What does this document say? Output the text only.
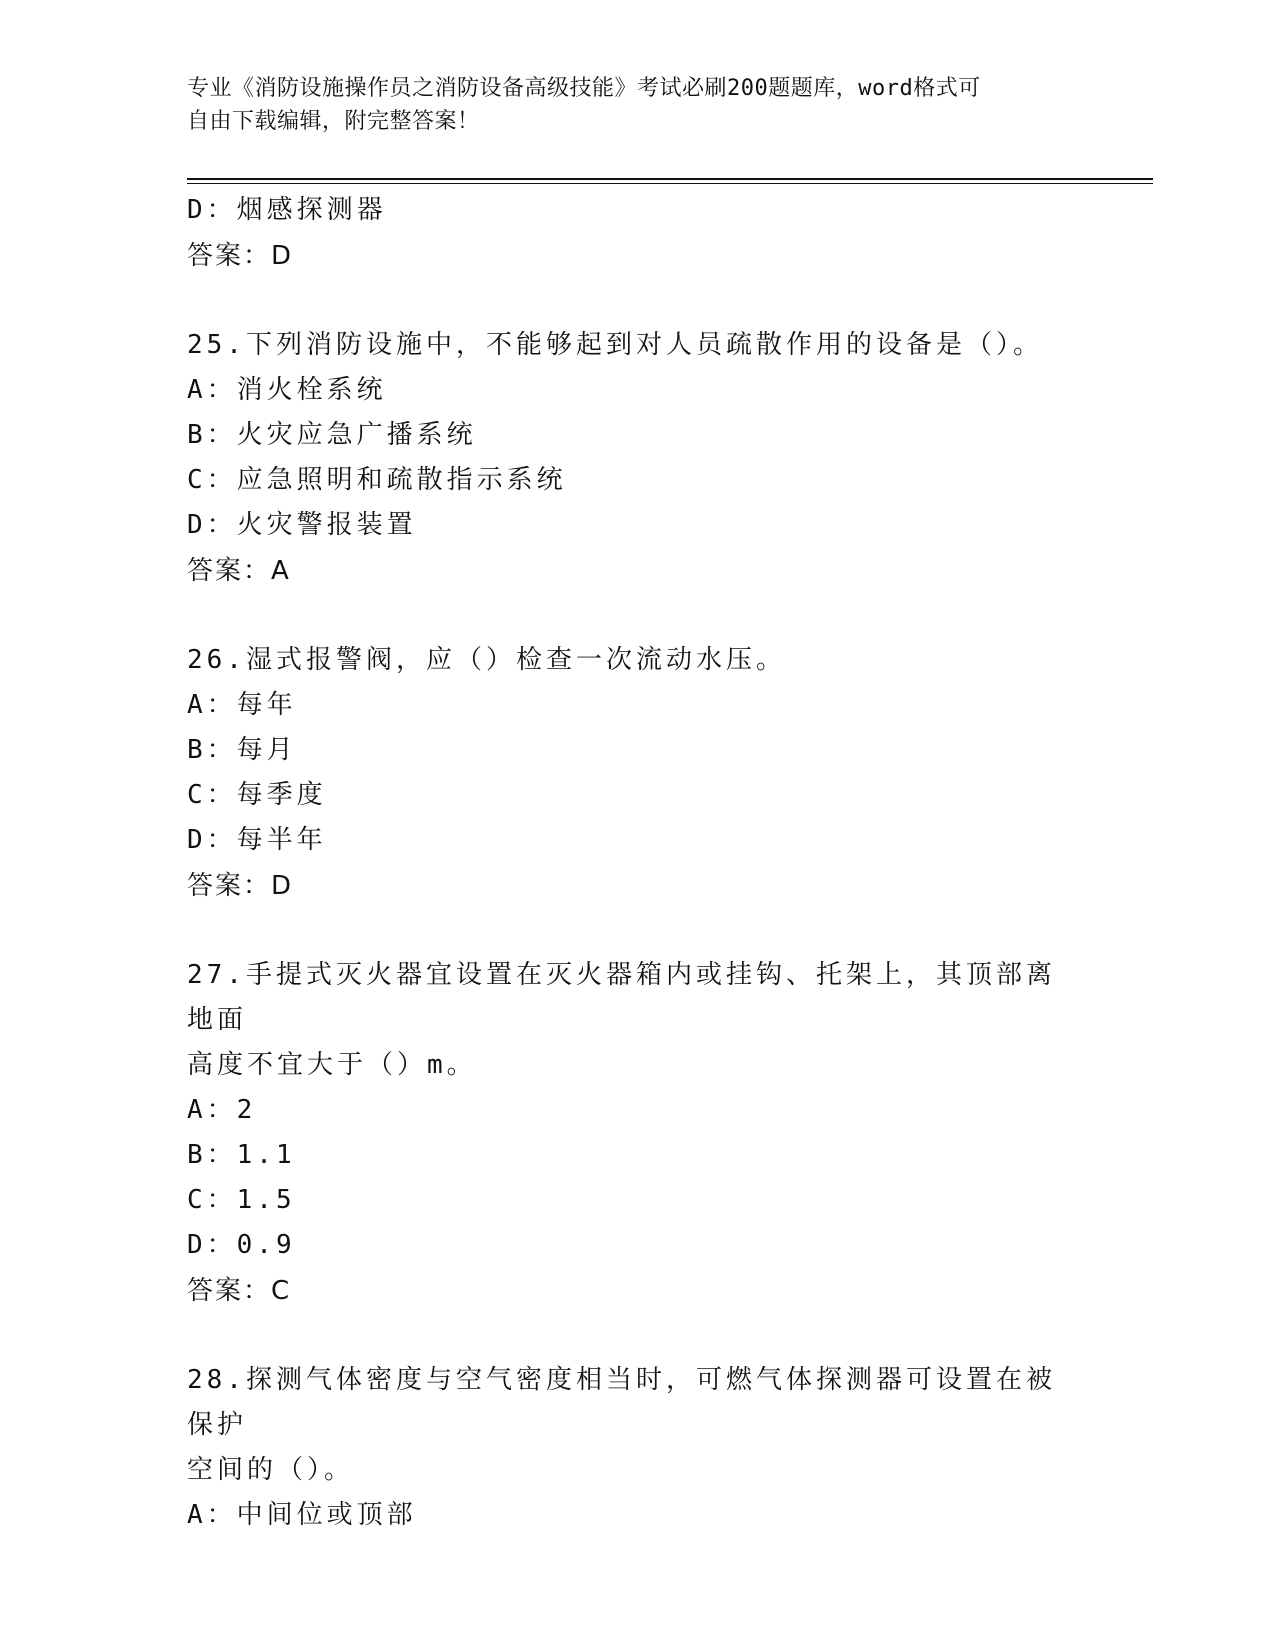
专业《消防设施操作员之消防设备高级技能》考试必刷200题题库，word格式可
自由下载编辑，附完整答案！
D：烟感探测器
答案：D
25.下列消防设施中，不能够起到对人员疏散作用的设备是（）。
A：消火栓系统
B：火灾应急广播系统
C：应急照明和疏散指示系统
D：火灾警报装置
答案：A
26.湿式报警阀，应（）检查一次流动水压。
A：每年
B：每月
C：每季度
D：每半年
答案：D
27.手提式灭火器宜设置在灭火器箱内或挂钩、托架上，其顶部离地面
高度不宜大于（）m。
A：2
B：1.1
C：1.5
D：0.9
答案：C
28.探测气体密度与空气密度相当时，可燃气体探测器可设置在被保护
空间的（）。
A：中间位或顶部
